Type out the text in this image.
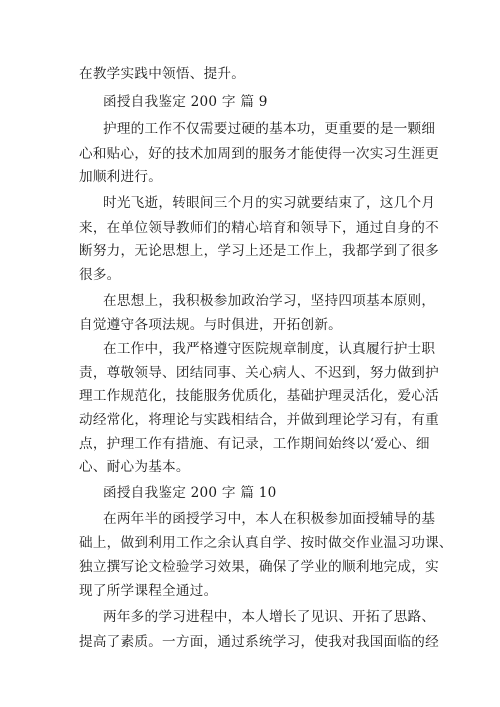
在教学实践中领悟、提升。
函授自我鉴定 200 字 篇 9
护理的工作不仅需要过硬的基本功，更重要的是一颗细
心和贴心，好的技术加周到的服务才能使得一次实习生涯更
加顺利进行。
时光飞逝，转眼间三个月的实习就要结束了，这几个月
来，在单位领导教师们的精心培育和领导下，通过自身的不
断努力，无论思想上，学习上还是工作上，我都学到了很多
很多。
在思想上，我积极参加政治学习，坚持四项基本原则，
自觉遵守各项法规。与时俱进，开拓创新。
在工作中，我严格遵守医院规章制度，认真履行护士职
责，尊敬领导、团结同事、关心病人、不迟到，努力做到护
理工作规范化，技能服务优质化，基础护理灵活化，爱心活
动经常化，将理论与实践相结合，并做到理论学习有，有重
点，护理工作有措施、有记录，工作期间始终以‘爱心、细
心、耐心为基本。
函授自我鉴定 200 字 篇 10
在两年半的函授学习中，本人在积极参加面授辅导的基
础上，做到利用工作之余认真自学、按时做交作业温习功课、
独立撰写论文检验学习效果，确保了学业的顺利地完成，实
现了所学课程全通过。
两年多的学习进程中，本人增长了见识、开拓了思路、
提高了素质。一方面，通过系统学习，使我对我国面临的经
